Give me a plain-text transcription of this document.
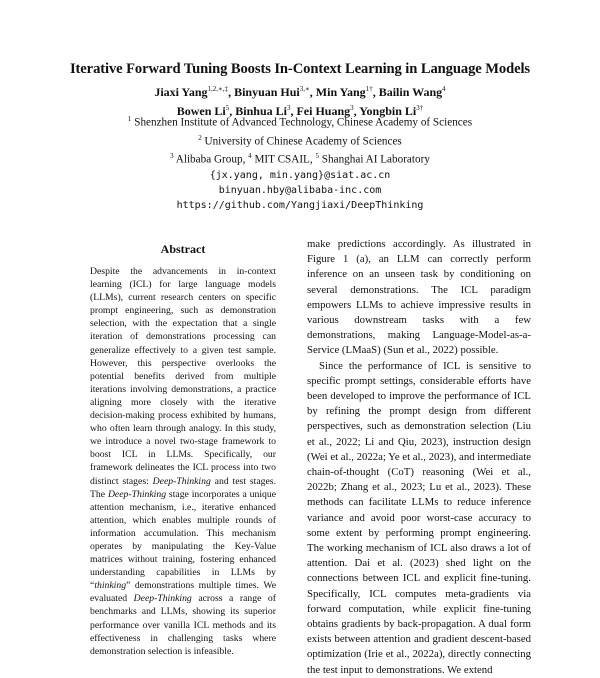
Iterative Forward Tuning Boosts In-Context Learning in Language Models
Jiaxi Yang$^{1,2,∗,\ddagger}$, Binyuan Hui$^{3,∗}$, Min Yang$^{1\dagger}$, Bailin Wang$^4$
Bowen Li$^5$, Binhua Li$^3$, Fei Huang$^3$, Yongbin $Li^{3\dagger}$
$^1$ Shenzhen Institute of Advanced Technology, Chinese Academy of Sciences
$^2$ University of Chinese Academy of Sciences
$^3$ Alibaba Group, $^4$ MIT CSAIL, $^5$ Shanghai AI Laboratory
{jx.yang, min.yang}@siat.ac.cn
binyuan.hby@alibaba-inc.com
https://github.com/Yangjiaxi/DeepThinking
Abstract
Despite the advancements in in-context learning (ICL) for large language models (LLMs), current research centers on specific prompt engineering, such as demonstration selection, with the expectation that a single iteration of demonstrations processing can generalize effectively to a given test sample. However, this perspective overlooks the potential benefits derived from multiple iterations involving demonstrations, a practice aligning more closely with the iterative decision-making process exhibited by humans, who often learn through analogy. In this study, we introduce a novel two-stage framework to boost ICL in LLMs. Specifically, our framework delineates the ICL process into two distinct stages: Deep-Thinking and test stages. The Deep-Thinking stage incorporates a unique attention mechanism, i.e., iterative enhanced attention, which enables multiple rounds of information accumulation. This mechanism operates by manipulating the Key-Value matrices without training, fostering enhanced understanding capabilities in LLMs by “thinking” demonstrations multiple times. We evaluated Deep-Thinking across a range of benchmarks and LLMs, showing its superior performance over vanilla ICL methods and its effectiveness in challenging tasks where demonstration selection is infeasible.

make predictions accordingly. As illustrated in Figure 1 (a), an LLM can correctly perform inference on an unseen task by conditioning on several demonstrations. The ICL paradigm empowers LLMs to achieve impressive results in various downstream tasks with a few demonstrations, making Language-Model-as-a-Service (LMaaS) (Sun et al., 2022) possible.

Since the performance of ICL is sensitive to specific prompt settings, considerable efforts have been developed to improve the performance of ICL by refining the prompt design from different perspectives, such as demonstration selection (Liu et al., 2022; Li and Qiu, 2023), instruction design (Wei et al., 2022a; Ye et al., 2023), and intermediate chain-of-thought (CoT) reasoning (Wei et al., 2022b; Zhang et al., 2023; Lu et al., 2023). These methods can facilitate LLMs to reduce inference variance and avoid poor worst-case accuracy to some extent by performing prompt engineering. The working mechanism of ICL also draws a lot of attention. Dai et al. (2023) shed light on the connections between ICL and explicit fine-tuning. Specifically, ICL computes meta-gradients via forward computation, while explicit fine-tuning obtains gradients by back-propagation. A dual form exists between attention and gradient descent-based optimization (Irie et al., 2022a), directly connecting the test input to demonstrations. We extend
